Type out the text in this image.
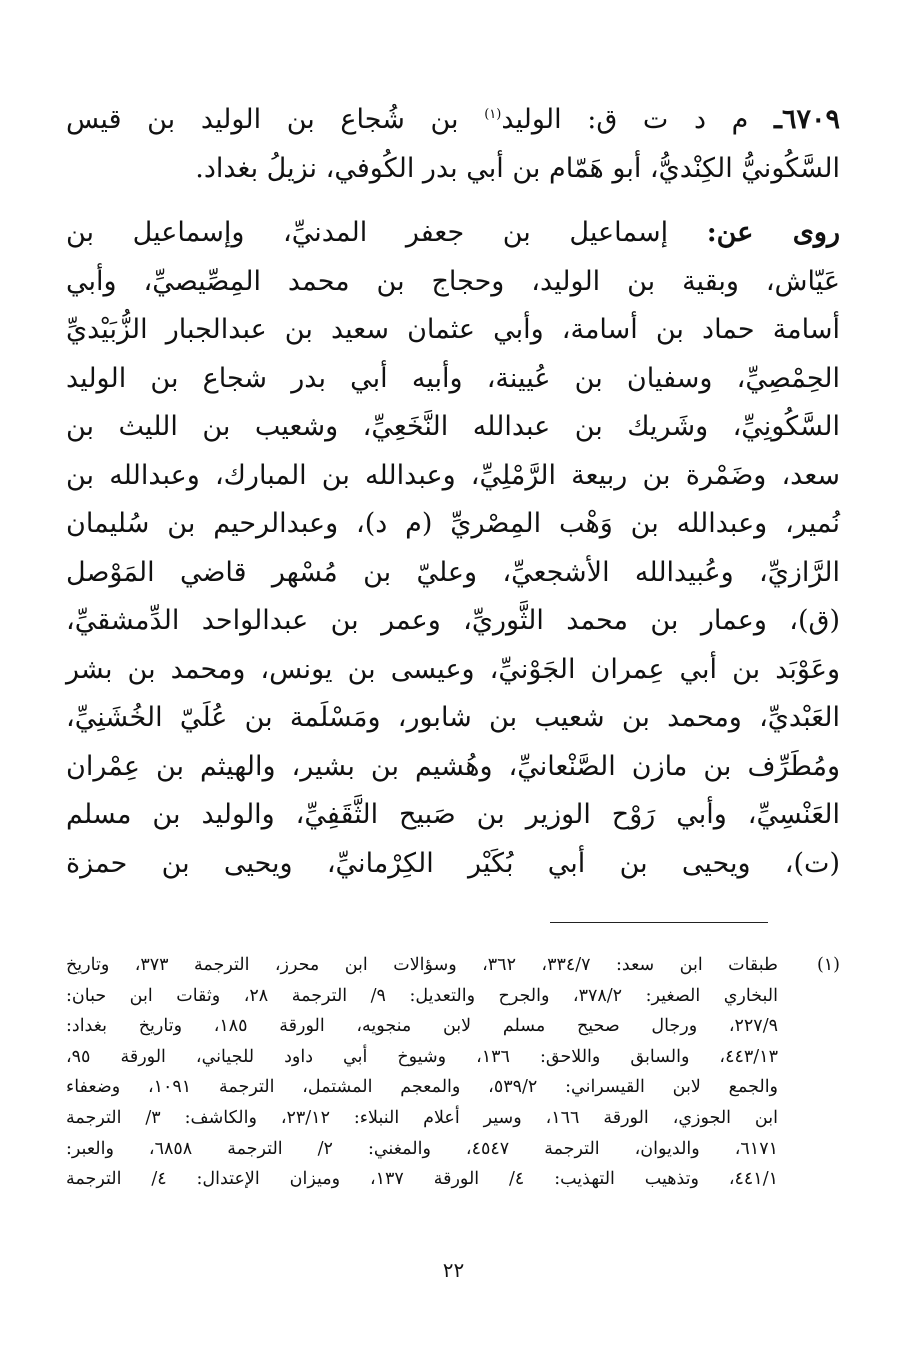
٦٧٠٩ـ م د ت ق: الوليد$^{(١)}$ بن شُجاع بن الوليد بن قيس

السَّكُونيُّ الكِنْديُّ، أبو هَمّام بن أبي بدر الكُوفي، نزيلُ بغداد.

روى عن: إسماعيل بن جعفر المدنيِّ، وإسماعيل بن

عَيّاش، وبقية بن الوليد، وحجاج بن محمد المِصِّيصيِّ، وأبي

أسامة حماد بن أسامة، وأبي عثمان سعيد بن عبدالجبار الزُّبَيْديِّ

الحِمْصِيِّ، وسفيان بن عُيينة، وأبيه أبي بدر شجاع بن الوليد

السَّكُونِيِّ، وشَريك بن عبدالله النَّخَعِيِّ، وشعيب بن الليث بن

سعد، وضَمْرة بن ربيعة الرَّمْلِيِّ، وعبدالله بن المبارك، وعبدالله بن

نُمير، وعبدالله بن وَهْب المِصْريِّ (م د)، وعبدالرحيم بن سُليمان

الرَّازيِّ، وعُبيدالله الأشجعيِّ، وعليّ بن مُسْهر قاضي المَوْصل

(ق)، وعمار بن محمد الثَّوريِّ، وعمر بن عبدالواحد الدِّمشقيِّ،

وعَوْبَد بن أبي عِمران الجَوْنيِّ، وعيسى بن يونس، ومحمد بن بشر

العَبْديِّ، ومحمد بن شعيب بن شابور، ومَسْلَمة بن عُلَيّ الخُشَنِيِّ،

ومُطَرِّف بن مازن الصَّنْعانيِّ، وهُشيم بن بشير، والهيثم بن عِمْران

العَنْسِيِّ، وأبي رَوْح الوزير بن صَبيح الثَّقَفِيِّ، والوليد بن مسلم

(ت)، ويحيى بن أبي بُكَيْر الكِرْمانيِّ، ويحيى بن حمزة

(١)

طبقات ابن سعد: ٣٣٤/٧، ٣٦٢، وسؤالات ابن محرز، الترجمة ٣٧٣، وتاريخ

البخاري الصغير: ٣٧٨/٢، والجرح والتعديل: ٩/ الترجمة ٢٨، وثقات ابن حبان:

٢٢٧/٩، ورجال صحيح مسلم لابن منجويه، الورقة ١٨٥، وتاريخ بغداد:

٤٤٣/١٣، والسابق واللاحق: ١٣٦، وشيوخ أبي داود للجياني، الورقة ٩٥،

والجمع لابن القيسراني: ٥٣٩/٢، والمعجم المشتمل، الترجمة ١٠٩١، وضعفاء

ابن الجوزي، الورقة ١٦٦، وسير أعلام النبلاء: ٢٣/١٢، والكاشف: ٣/ الترجمة

٦١٧١، والديوان، الترجمة ٤٥٤٧، والمغني: ٢/ الترجمة ٦٨٥٨، والعبر:

٤٤١/١، وتذهيب التهذيب: ٤/ الورقة ١٣٧، وميزان الإعتدال: ٤/ الترجمة

٢٢
